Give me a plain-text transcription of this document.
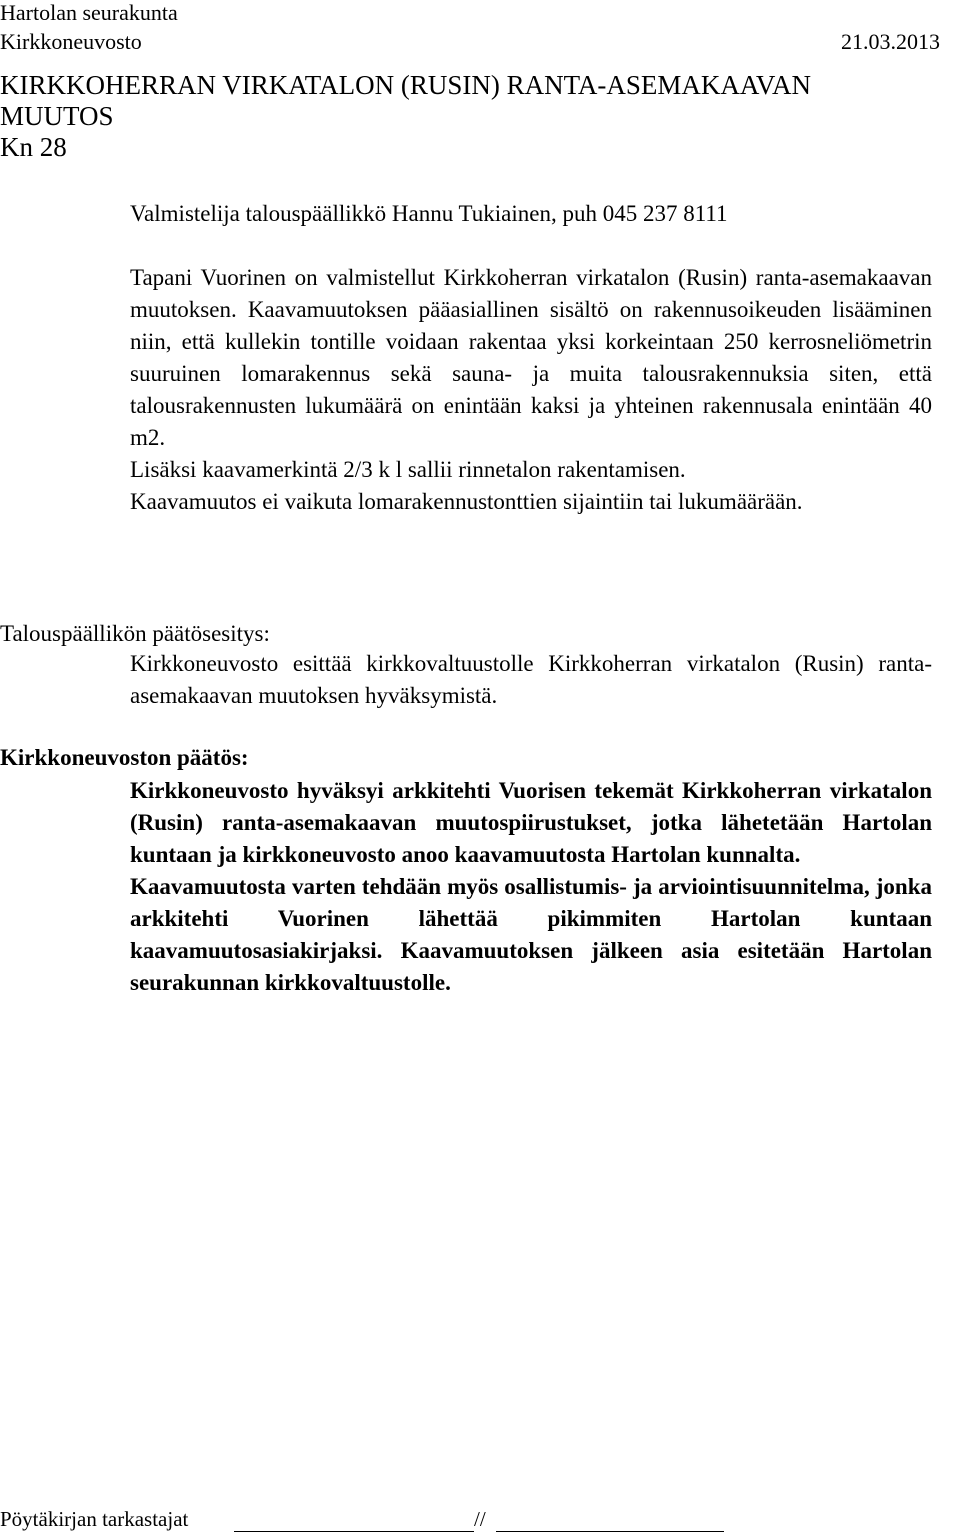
Hartolan seurakunta
Kirkkoneuvosto	21.03.2013
KIRKKOHERRAN VIRKATALON (RUSIN) RANTA-ASEMAKAAVAN
MUUTOS
Kn 28
Valmistelija talouspäällikkö Hannu Tukiainen, puh 045 237 8111
Tapani Vuorinen on valmistellut Kirkkoherran virkatalon (Rusin) ranta-asemakaavan muutoksen. Kaavamuutoksen pääasiallinen sisältö on rakennusoikeuden lisääminen niin, että kullekin tontille voidaan rakentaa yksi korkeintaan 250 kerrosneliömetrin suuruinen lomarakennus sekä sauna- ja muita talousrakennuksia siten, että talousrakennusten lukumäärä on enintään kaksi ja yhteinen rakennusala enintään 40 m2.
Lisäksi kaavamerkintä 2/3 k l sallii rinnetalon rakentamisen.
Kaavamuutos ei vaikuta lomarakennustonttien sijaintiin tai lukumäärään.
Talouspäällikön päätösesitys:
Kirkkoneuvosto esittää kirkkovaltuustolle Kirkkoherran virkatalon (Rusin) ranta-asemakaavan muutoksen hyväksymistä.
Kirkkoneuvoston päätös:
Kirkkoneuvosto hyväksyi arkkitehti Vuorisen tekemät Kirkkoherran virkatalon (Rusin) ranta-asemakaavan muutospiirustukset, jotka lähetetään Hartolan kuntaan ja kirkkoneuvosto anoo kaavamuutosta Hartolan kunnalta.
Kaavamuutosta varten tehdään myös osallistumis- ja arviointisuunnitelma, jonka arkkitehti Vuorinen lähettää pikimmiten Hartolan kuntaan kaavamuutosasiakirjaksi. Kaavamuutoksen jälkeen asia esitetään Hartolan seurakunnan kirkkovaltuustolle.
Pöytäkirjan tarkastajat	//
